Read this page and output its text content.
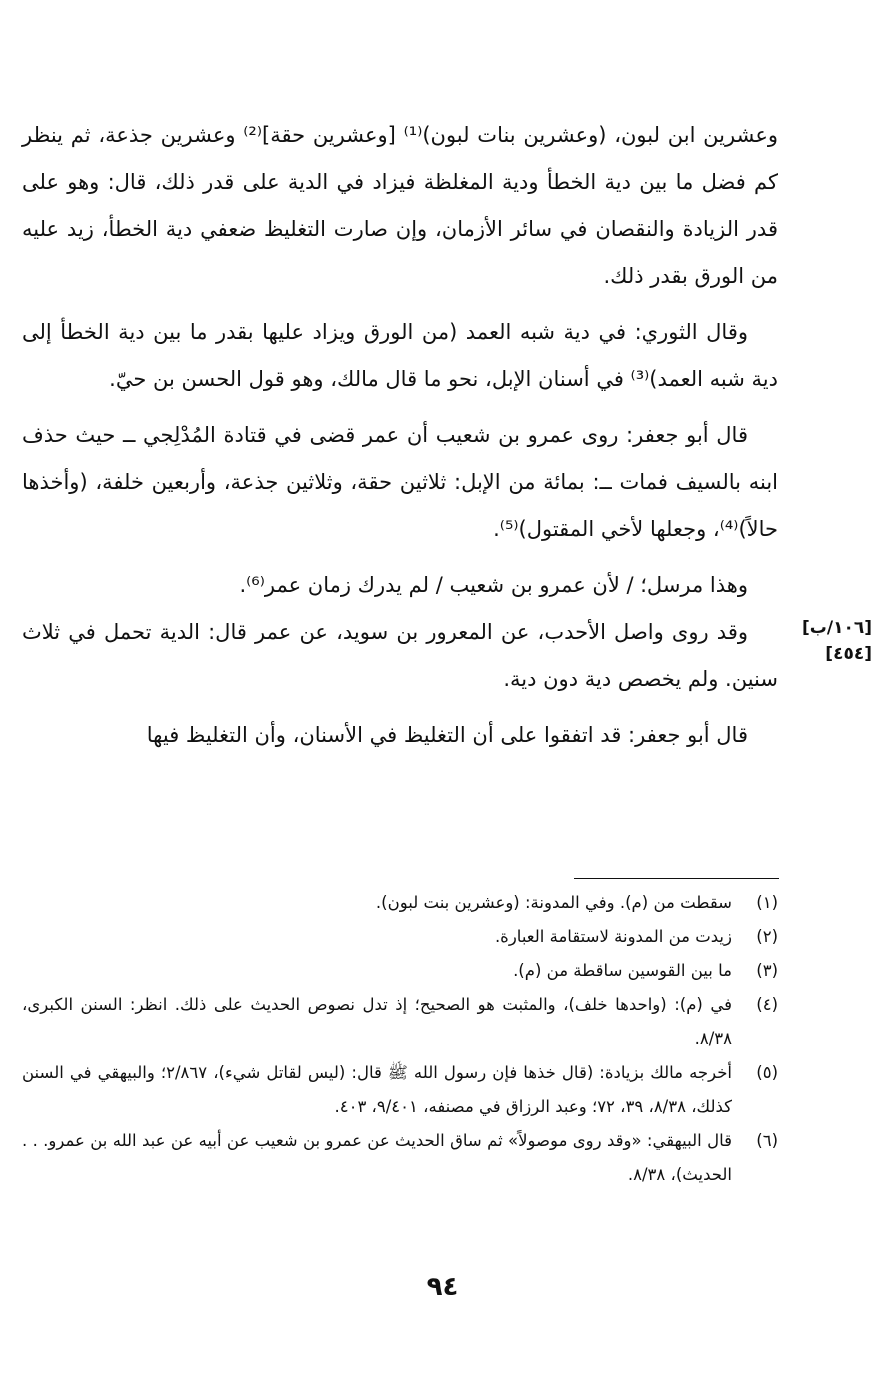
وعشرين ابن لبون، (وعشرين بنات لبون)⁽¹⁾ [وعشرين حقة]⁽²⁾ وعشرين جذعة، ثم ينظر كم فضل ما بين دية الخطأ ودية المغلظة فيزاد في الدية على قدر ذلك، قال: وهو على قدر الزيادة والنقصان في سائر الأزمان، وإن صارت التغليظ ضعفي دية الخطأ، زيد عليه من الورق بقدر ذلك.

وقال الثوري: في دية شبه العمد (من الورق ويزاد عليها بقدر ما بين دية الخطأ إلى دية شبه العمد)⁽³⁾ في أسنان الإبل، نحو ما قال مالك، وهو قول الحسن بن حيّ.

قال أبو جعفر: روى عمرو بن شعيب أن عمر قضى في قتادة المُدْلِجي ــ حيث حذف ابنه بالسيف فمات ــ: بمائة من الإبل: ثلاثين حقة، وثلاثين جذعة، وأربعين خلفة، (وأخذها حالاً)⁽⁴⁾، وجعلها لأخي المقتول)⁽⁵⁾.

وهذا مرسل؛ / لأن عمرو بن شعيب / لم يدرك زمان عمر⁽⁶⁾.

وقد روى واصل الأحدب، عن المعرور بن سويد، عن عمر قال: الدية تحمل في ثلاث سنين. ولم يخصص دية دون دية.

قال أبو جعفر: قد اتفقوا على أن التغليظ في الأسنان، وأن التغليظ فيها

[١٠٦/ب]
[٤٥٤]
(١)
سقطت من (م). وفي المدونة: (وعشرين بنت لبون).
(٢)
زيدت من المدونة لاستقامة العبارة.
(٣)
ما بين القوسين ساقطة من (م).
(٤)
في (م): (واحدها خلف)، والمثبت هو الصحيح؛ إذ تدل نصوص الحديث على ذلك. انظر: السنن الكبرى، ٨/٣٨.
(٥)
أخرجه مالك بزيادة: (قال خذها فإن رسول الله ﷺ قال: (ليس لقاتل شيء)، ٢/٨٦٧؛ والبيهقي في السنن كذلك، ٨/٣٨، ٣٩، ٧٢؛ وعبد الرزاق في مصنفه، ٩/٤٠١، ٤٠٣.
(٦)
قال البيهقي: «وقد روى موصولاً» ثم ساق الحديث عن عمرو بن شعيب عن أبيه عن عبد الله بن عمرو. . . الحديث)، ٨/٣٨.
٩٤
